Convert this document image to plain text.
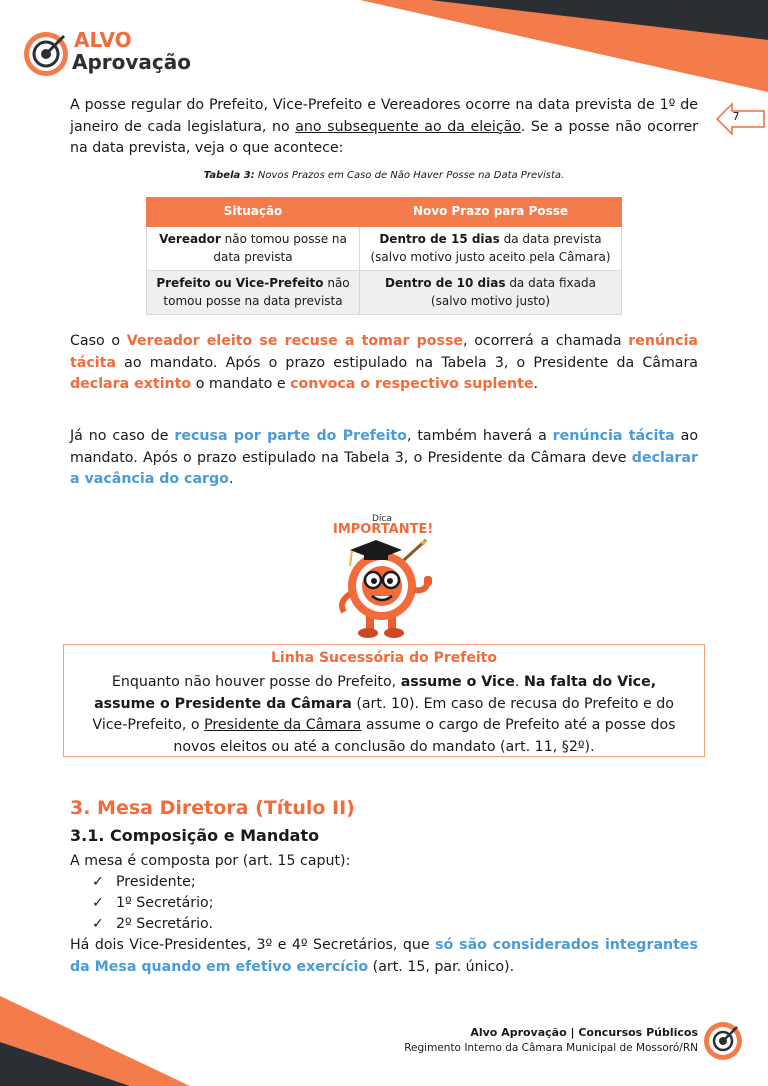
ALVO
Aprovação
7

A posse regular do Prefeito, Vice-Prefeito e Vereadores ocorre na data prevista de 1º de janeiro de cada legislatura, no ano subsequente ao da eleição. Se a posse não ocorrer na data prevista, veja o que acontece:

Tabela 3: Novos Prazos em Caso de Não Haver Posse na Data Prevista.
Situação	Novo Prazo para Posse
Vereador não tomou posse na data prevista	Dentro de 15 dias da data prevista (salvo motivo justo aceito pela Câmara)
Prefeito ou Vice-Prefeito não tomou posse na data prevista	Dentro de 10 dias da data fixada (salvo motivo justo)

Caso o Vereador eleito se recuse a tomar posse, ocorrerá a chamada renúncia tácita ao mandato. Após o prazo estipulado na Tabela 3, o Presidente da Câmara declara extinto o mandato e convoca o respectivo suplente.

Já no caso de recusa por parte do Prefeito, também haverá a renúncia tácita ao mandato. Após o prazo estipulado na Tabela 3, o Presidente da Câmara deve declarar a vacância do cargo.

Dica
IMPORTANTE!
Linha Sucessória do Prefeito
Enquanto não houver posse do Prefeito, assume o Vice. Na falta do Vice, assume o Presidente da Câmara (art. 10). Em caso de recusa do Prefeito e do Vice-Prefeito, o Presidente da Câmara assume o cargo de Prefeito até a posse dos novos eleitos ou até a conclusão do mandato (art. 11, §2º).
3. Mesa Diretora (Título II)
3.1. Composição e Mandato
A mesa é composta por (art. 15 caput):
✓ Presidente;
✓ 1º Secretário;
✓ 2º Secretário.

Há dois Vice-Presidentes, 3º e 4º Secretários, que só são considerados integrantes da Mesa quando em efetivo exercício (art. 15, par. único).

Alvo Aprovação | Concursos Públicos
Regimento Interno da Câmara Municipal de Mossoró/RN
